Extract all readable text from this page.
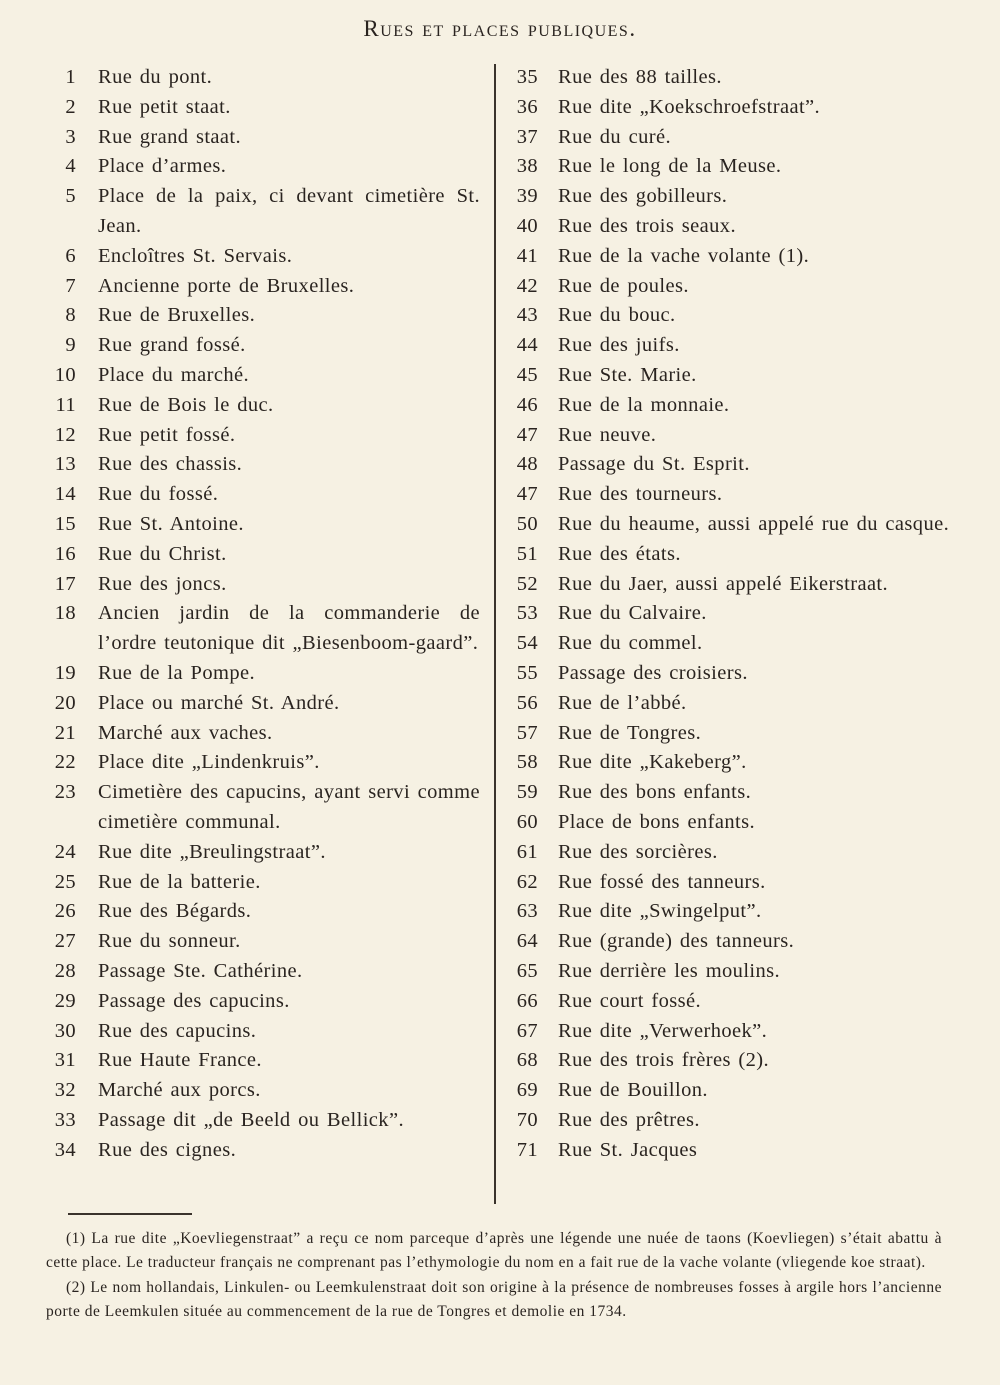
Rues et places publiques.
1	Rue du pont.
2	Rue petit staat.
3	Rue grand staat.
4	Place d’armes.
5	Place de la paix, ci devant cimetière St. Jean.
6	Encloîtres St. Servais.
7	Ancienne porte de Bruxelles.
8	Rue de Bruxelles.
9	Rue grand fossé.
10	Place du marché.
11	Rue de Bois le duc.
12	Rue petit fossé.
13	Rue des chassis.
14	Rue du fossé.
15	Rue St. Antoine.
16	Rue du Christ.
17	Rue des joncs.
18	Ancien jardin de la commanderie de l’ordre teutonique dit „Biesenboom-gaard”.
19	Rue de la Pompe.
20	Place ou marché St. André.
21	Marché aux vaches.
22	Place dite „Lindenkruis”.
23	Cimetière des capucins, ayant servi comme cimetière communal.
24	Rue dite „Breulingstraat”.
25	Rue de la batterie.
26	Rue des Bégards.
27	Rue du sonneur.
28	Passage Ste. Cathérine.
29	Passage des capucins.
30	Rue des capucins.
31	Rue Haute France.
32	Marché aux porcs.
33	Passage dit „de Beeld ou Bellick”.
34	Rue des cignes.
35 Rue des 88 tailles.
36 Rue dite „Koekschroefstraat”.
37 Rue du curé.
38 Rue le long de la Meuse.
39 Rue des gobilleurs.
40 Rue des trois seaux.
41 Rue de la vache volante (1).
42 Rue de poules.
43 Rue du bouc.
44 Rue des juifs.
45 Rue Ste. Marie.
46 Rue de la monnaie.
47 Rue neuve.
48 Passage du St. Esprit.
47 Rue des tourneurs.
50 Rue du heaume, aussi appelé rue du casque.
51 Rue des états.
52 Rue du Jaer, aussi appelé Eikerstraat.
53 Rue du Calvaire.
54 Rue du commel.
55 Passage des croisiers.
56 Rue de l’abbé.
57 Rue de Tongres.
58 Rue dite „Kakeberg”.
59 Rue des bons enfants.
60 Place de bons enfants.
61 Rue des sorcières.
62 Rue fossé des tanneurs.
63 Rue dite „Swingelput”.
64 Rue (grande) des tanneurs.
65 Rue derrière les moulins.
66 Rue court fossé.
67 Rue dite „Verwerhoek”.
68 Rue des trois frères (2).
69 Rue de Bouillon.
70 Rue des prêtres.
71 Rue St. Jacques
(1) La rue dite „Koevliegenstraat” a reçu ce nom parceque d’après une légende une nuée de taons (Koevliegen) s’était abattu à cette place. Le traducteur français ne comprenant pas l’ethymologie du nom en a fait rue de la vache volante (vliegende koe straat).
(2) Le nom hollandais, Linkulen- ou Leemkulenstraat doit son origine à la présence de nombreuses fosses à argile hors l’ancienne porte de Leemkulen située au commencement de la rue de Tongres et demolie en 1734.
